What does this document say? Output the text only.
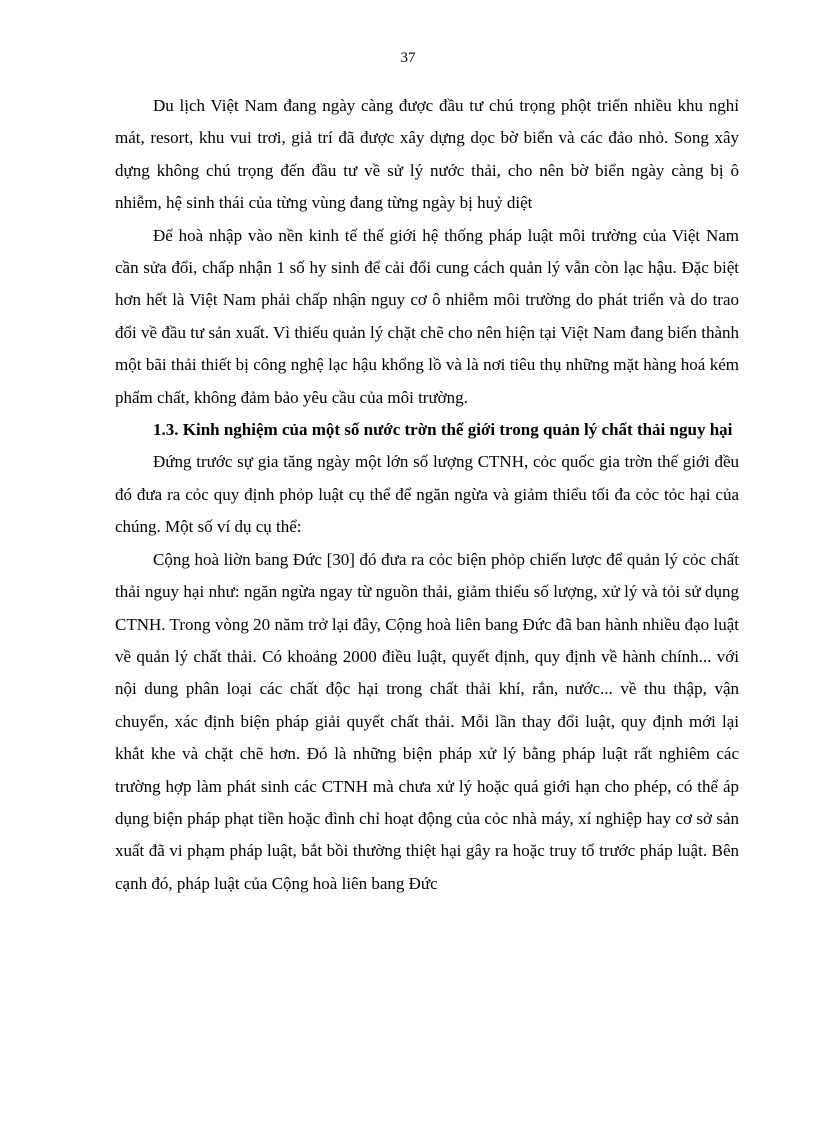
37

Du lịch Việt Nam đang ngày càng được đầu tư chú trọng phột triển nhiều khu nghỉ mát, resort, khu vui trơi, giả trí đã được xây dựng dọc bờ biển và các đảo nhỏ. Song xây dựng không chú trọng đến đầu tư về sử lý nước thải, cho nên bờ biển ngày càng bị ô nhiễm, hệ sinh thái của từng vùng đang từng ngày bị huỷ diệt

Để hoà nhập vào nền kinh tế thế giới hệ thống pháp luật môi trường của Việt Nam cần sửa đổi, chấp nhận 1 số hy sinh để cải đổi cung cách quản lý vẫn còn lạc hậu. Đặc biệt hơn hết là Việt Nam phải chấp nhận nguy cơ ô nhiễm môi trường do phát triển và do trao đổi về đầu tư sản xuất. Vì thiếu quản lý chặt chẽ cho nên hiện tại Việt Nam đang biến thành một bãi thải thiết bị công nghệ lạc hậu khổng lồ và là nơi tiêu thụ những mặt hàng hoá kém phẩm chất, không đảm bảo yêu cầu của môi trường.

1.3. Kinh nghiệm của một số nước trờn thế giới trong quản lý chất thải nguy hại

Đứng trước sự gia tăng ngày một lớn số lượng CTNH, cỏc quốc gia trờn thế giới đều đó đưa ra cỏc quy định phỏp luật cụ thể để ngăn ngừa và giảm thiểu tối đa cỏc tỏc hại của chúng. Một số ví dụ cụ thể:

Cộng hoà liờn bang Đức [30] đó đưa ra cỏc biện phỏp chiến lược để quản lý cỏc chất thải nguy hại như: ngăn ngừa ngay từ nguồn thải, giảm thiểu số lượng, xử lý và tỏi sử dụng CTNH. Trong vòng 20 năm trở lại đây, Cộng hoà liên bang Đức đã ban hành nhiều đạo luật về quản lý chất thải. Có khoảng 2000 điều luật, quyết định, quy định về hành chính... với nội dung phân loại các chất độc hại trong chất thải khí, rắn, nước... về thu thập, vận chuyển, xác định biện pháp giải quyết chất thải. Mỗi lần thay đổi luật, quy định mới lại khắt khe và chặt chẽ hơn. Đó là những biện pháp xử lý bằng pháp luật rất nghiêm các trường hợp làm phát sinh các CTNH mà chưa xử lý hoặc quá giới hạn cho phép, có thể áp dụng biện pháp phạt tiền hoặc đình chỉ hoạt động của cỏc nhà máy, xí nghiệp hay cơ sở sản xuất đã vi phạm pháp luật, bắt bồi thường thiệt hại gây ra hoặc truy tố trước pháp luật. Bên cạnh đó, pháp luật của Cộng hoà liên bang Đức
